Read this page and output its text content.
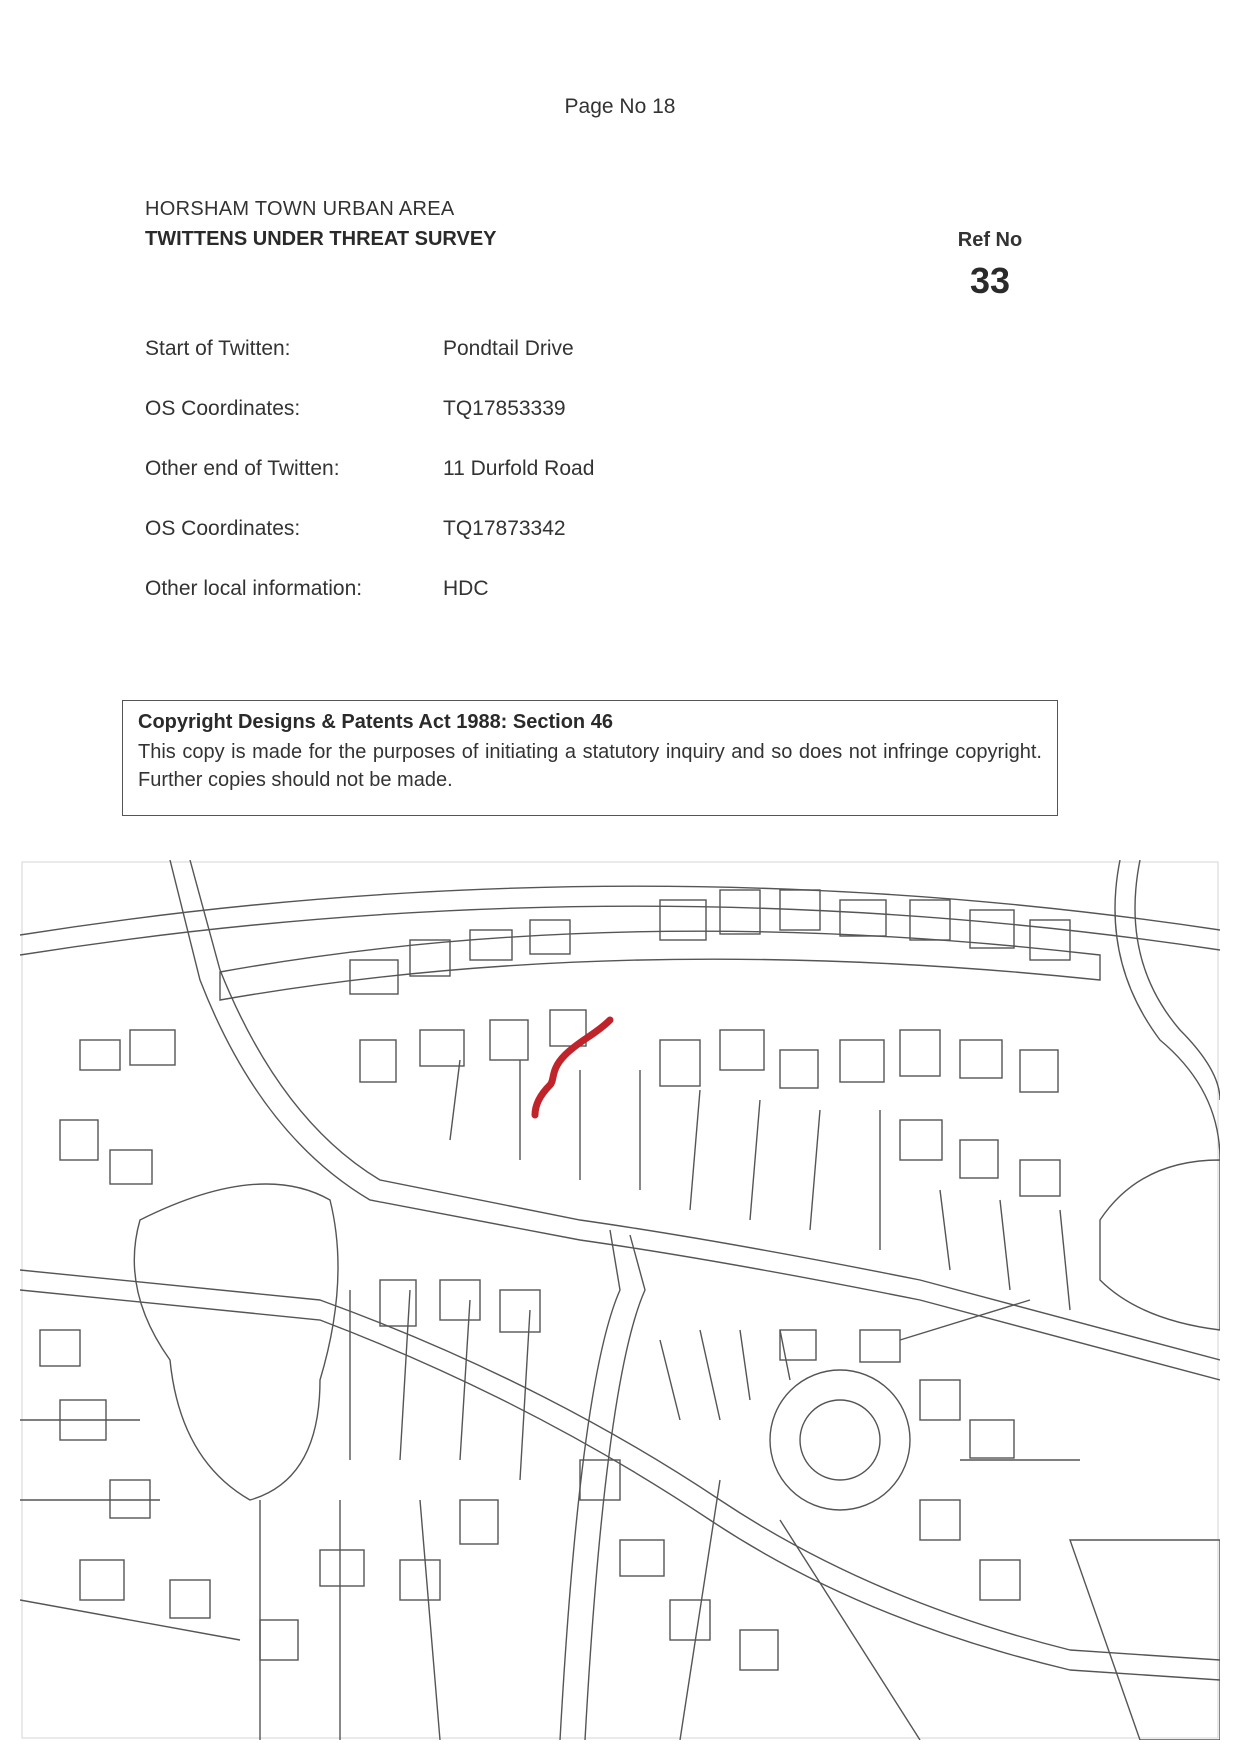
Page No 18
HORSHAM TOWN URBAN AREA
TWITTENS UNDER THREAT SURVEY	Ref No
33
Start of Twitten:	Pondtail Drive
OS Coordinates:	TQ17853339
Other end of Twitten:	11 Durfold Road
OS Coordinates:	TQ17873342
Other local information:	HDC
Copyright Designs & Patents Act 1988: Section 46
This copy is made for the purposes of initiating a statutory inquiry and so does not infringe copyright. Further copies should not be made.
